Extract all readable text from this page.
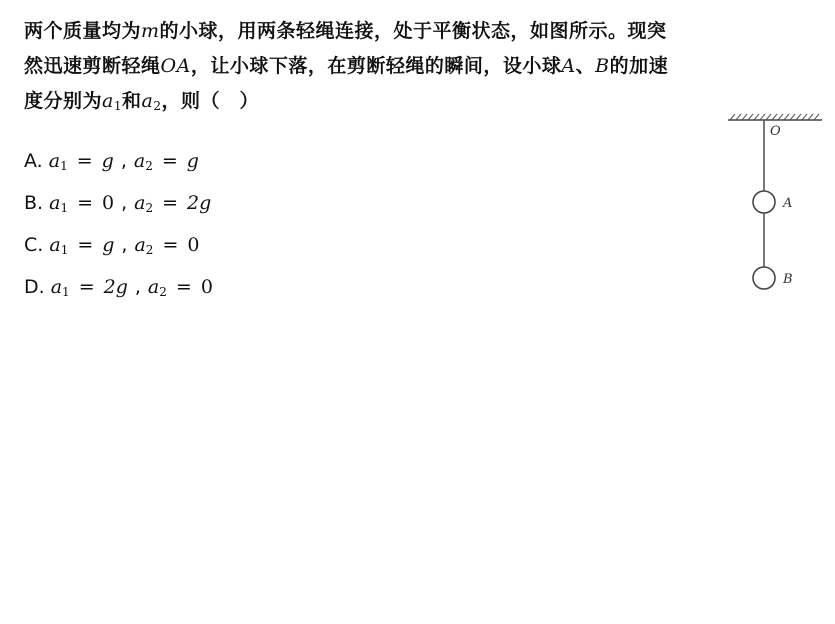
两个质量均为m的小球，用两条轻绳连接，处于平衡状态，如图所示。现突
然迅速剪断轻绳OA，让小球下落，在剪断轻绳的瞬间，设小球A、B的加速
度分别为$a_1$和$a_2$，则（　）
A. $a_1 = g$ , $a_2 = g$
B. $a_1 = 0$ , $a_2 = 2g$
C. $a_1 = g$ , $a_2 = 0$
D. $a_1 = 2g$ , $a_2 = 0$
O
A
B
